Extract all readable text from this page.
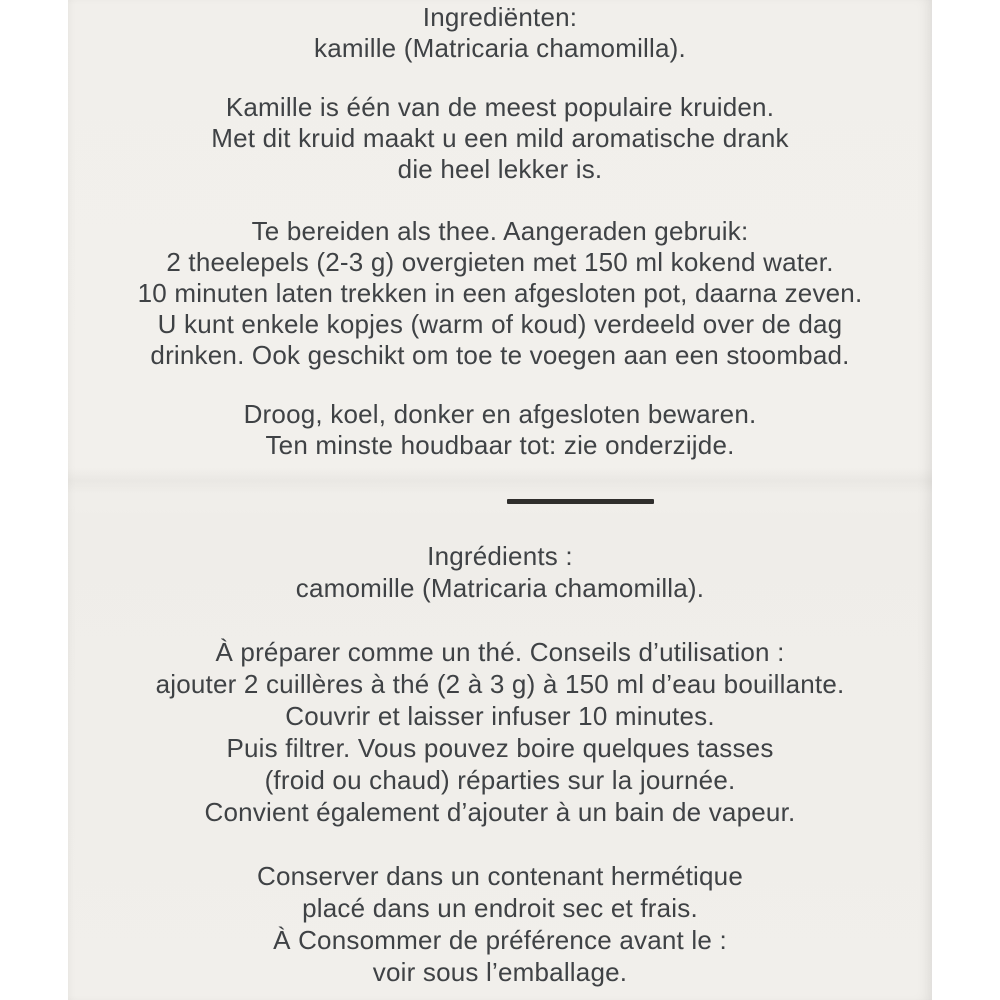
Ingrediënten:
kamille (Matricaria chamomilla).
Kamille is één van de meest populaire kruiden.
Met dit kruid maakt u een mild aromatische drank
die heel lekker is.
Te bereiden als thee. Aangeraden gebruik:
2 theelepels (2-3 g) overgieten met 150 ml kokend water.
10 minuten laten trekken in een afgesloten pot, daarna zeven.
U kunt enkele kopjes (warm of koud) verdeeld over de dag
drinken. Ook geschikt om toe te voegen aan een stoombad.
Droog, koel, donker en afgesloten bewaren.
Ten minste houdbaar tot: zie onderzijde.
Ingrédients :
camomille (Matricaria chamomilla).
À préparer comme un thé. Conseils d’utilisation :
ajouter 2 cuillères à thé (2 à 3 g) à 150 ml d’eau bouillante.
Couvrir et laisser infuser 10 minutes.
Puis filtrer. Vous pouvez boire quelques tasses
(froid ou chaud) réparties sur la journée.
Convient également d’ajouter à un bain de vapeur.
Conserver dans un contenant hermétique
placé dans un endroit sec et frais.
À Consommer de préférence avant le :
voir sous l’emballage.
